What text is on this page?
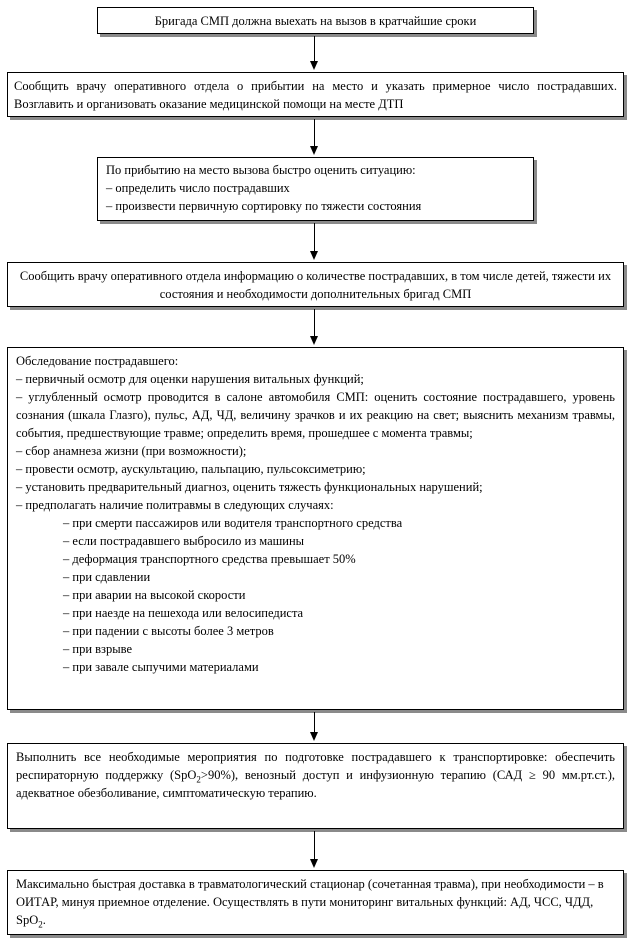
Бригада СМП должна выехать на вызов в кратчайшие сроки
Сообщить врачу оперативного отдела о прибытии на место и указать примерное число пострадавших. Возглавить и организовать оказание медицинской помощи на месте ДТП
По прибытию на место вызова быстро оценить ситуацию:
– определить число пострадавших
– произвести первичную сортировку по тяжести состояния
Сообщить врачу оперативного отдела информацию о количестве пострадавших, в том числе детей, тяжести их состояния и необходимости дополнительных бригад СМП
Обследование пострадавшего:
– первичный осмотр для оценки нарушения витальных функций;
– углубленный осмотр проводится в салоне автомобиля СМП: оценить состояние пострадавшего, уровень сознания (шкала Глазго), пульс, АД, ЧД, величину зрачков и их реакцию на свет; выяснить механизм травмы, события, предшествующие травме; определить время, прошедшее с момента травмы;
– сбор анамнеза жизни (при возможности);
– провести осмотр, аускультацию, пальпацию, пульсоксиметрию;
– установить предварительный диагноз, оценить тяжесть функциональных нарушений;
– предполагать наличие политравмы в следующих случаях:
– при смерти пассажиров или водителя транспортного средства
– если пострадавшего выбросило из машины
– деформация транспортного средства превышает 50%
– при сдавлении
– при аварии на высокой скорости
– при наезде на пешехода или велосипедиста
– при падении с высоты более 3 метров
– при взрыве
– при завале сыпучими материалами
Выполнить все необходимые мероприятия по подготовке пострадавшего к транспортировке: обеспечить респираторную поддержку (SpO$_2$>90%), венозный доступ и инфузионную терапию (САД ≥ 90 мм.рт.ст.), адекватное обезболивание, симптоматическую терапию.
Максимально быстрая доставка в травматологический стационар (сочетанная травма), при необходимости – в ОИТАР, минуя приемное отделение. Осуществлять в пути мониторинг витальных функций: АД, ЧСС, ЧДД, SpO$_2$.
